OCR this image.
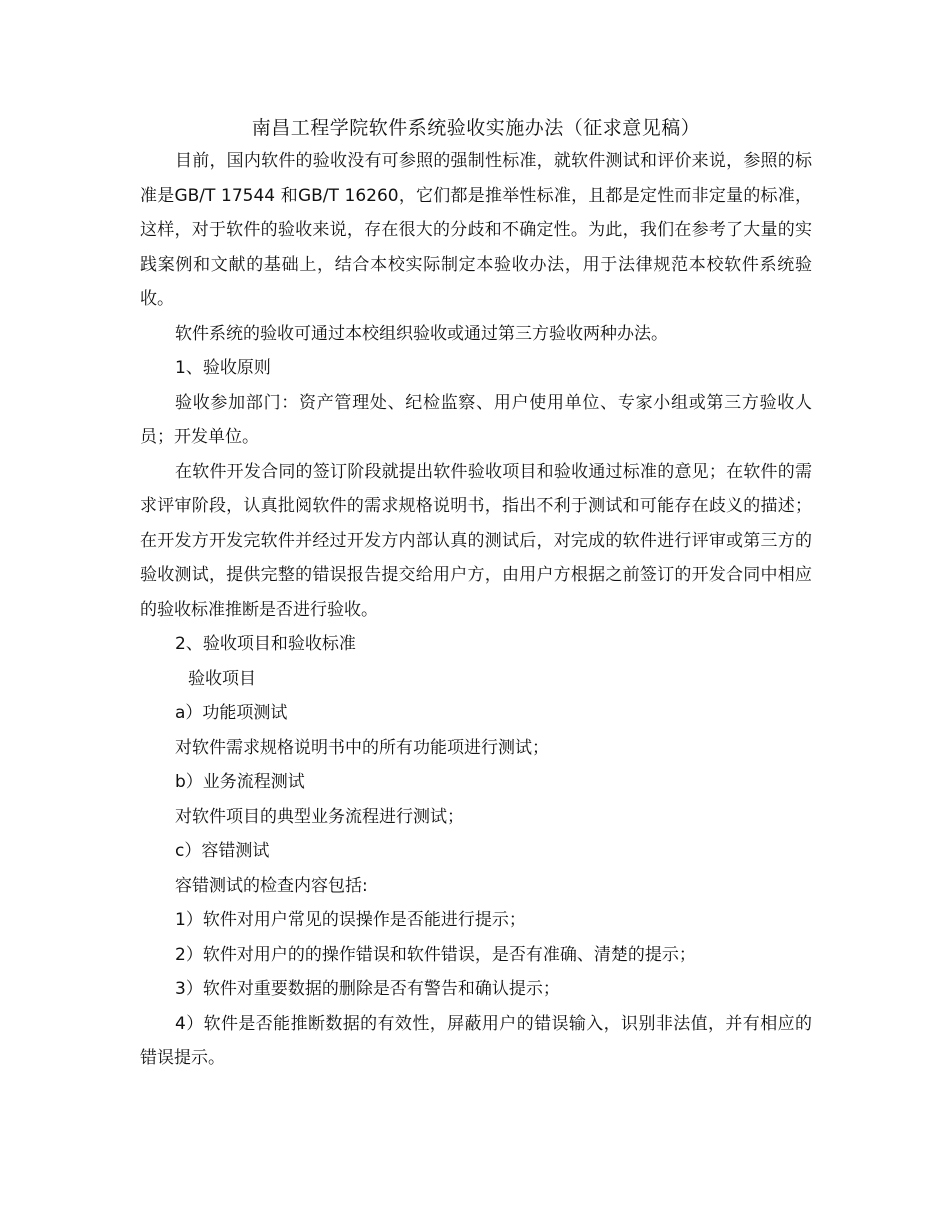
南昌工程学院软件系统验收实施办法（征求意见稿）

目前，国内软件的验收没有可参照的强制性标准，就软件测试和评价来说，参照的标准是GB/T 17544 和GB/T 16260，它们都是推举性标准，且都是定性而非定量的标准，这样，对于软件的验收来说，存在很大的分歧和不确定性。为此，我们在参考了大量的实践案例和文献的基础上，结合本校实际制定本验收办法，用于法律规范本校软件系统验收。

软件系统的验收可通过本校组织验收或通过第三方验收两种办法。

1、验收原则

验收参加部门：资产管理处、纪检监察、用户使用单位、专家小组或第三方验收人员；开发单位。

在软件开发合同的签订阶段就提出软件验收项目和验收通过标准的意见；在软件的需求评审阶段，认真批阅软件的需求规格说明书，指出不利于测试和可能存在歧义的描述；在开发方开发完软件并经过开发方内部认真的测试后，对完成的软件进行评审或第三方的验收测试，提供完整的错误报告提交给用户方，由用户方根据之前签订的开发合同中相应的验收标准推断是否进行验收。

2、验收项目和验收标准

验收项目

a）功能项测试

对软件需求规格说明书中的所有功能项进行测试；

b）业务流程测试

对软件项目的典型业务流程进行测试；

c）容错测试

容错测试的检查内容包括:

1）软件对用户常见的误操作是否能进行提示；

2）软件对用户的的操作错误和软件错误，是否有准确、清楚的提示；

3）软件对重要数据的删除是否有警告和确认提示；

4）软件是否能推断数据的有效性，屏蔽用户的错误输入，识别非法值，并有相应的错误提示。
